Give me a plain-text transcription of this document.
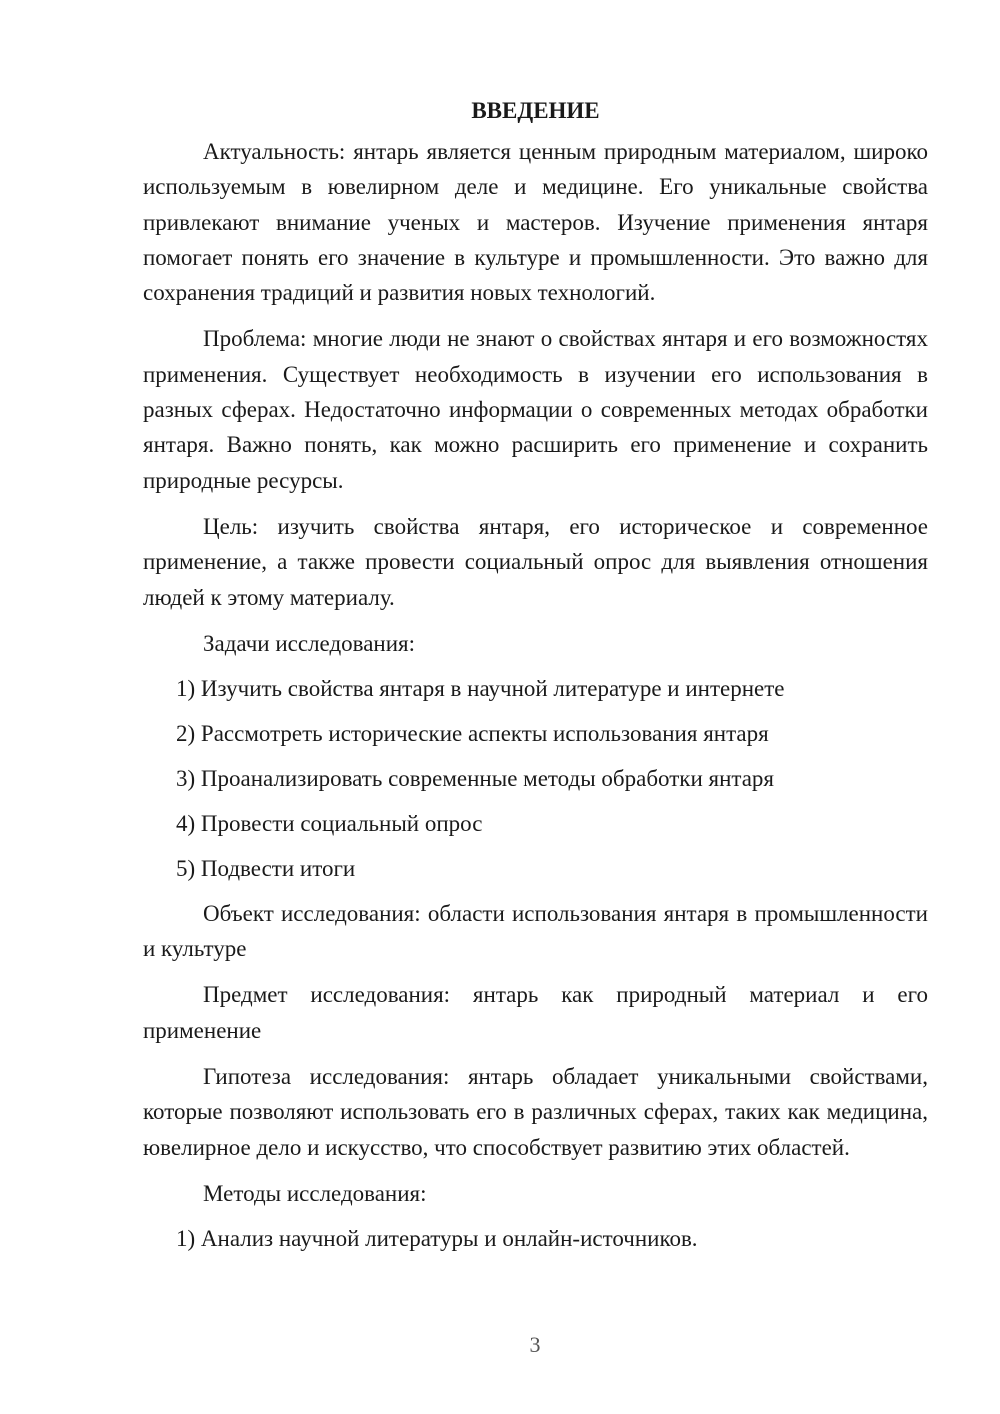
ВВЕДЕНИЕ

Актуальность: янтарь является ценным природным материалом, широко используемым в ювелирном деле и медицине. Его уникальные свойства привлекают внимание ученых и мастеров. Изучение применения янтаря помогает понять его значение в культуре и промышленности. Это важно для сохранения традиций и развития новых технологий.

Проблема: многие люди не знают о свойствах янтаря и его возможностях применения. Существует необходимость в изучении его использования в разных сферах. Недостаточно информации о современных методах обработки янтаря. Важно понять, как можно расширить его применение и сохранить природные ресурсы.

Цель: изучить свойства янтаря, его историческое и современное применение, а также провести социальный опрос для выявления отношения людей к этому материалу.

Задачи исследования:

1) Изучить свойства янтаря в научной литературе и интернете
2) Рассмотреть исторические аспекты использования янтаря
3) Проанализировать современные методы обработки янтаря
4) Провести социальный опрос
5) Подвести итоги

Объект исследования: области использования янтаря в промышленности и культуре

Предмет исследования: янтарь как природный материал и его применение

Гипотеза исследования: янтарь обладает уникальными свойствами, которые позволяют использовать его в различных сферах, таких как медицина, ювелирное дело и искусство, что способствует развитию этих областей.

Методы исследования:

1) Анализ научной литературы и онлайн-источников.
3
